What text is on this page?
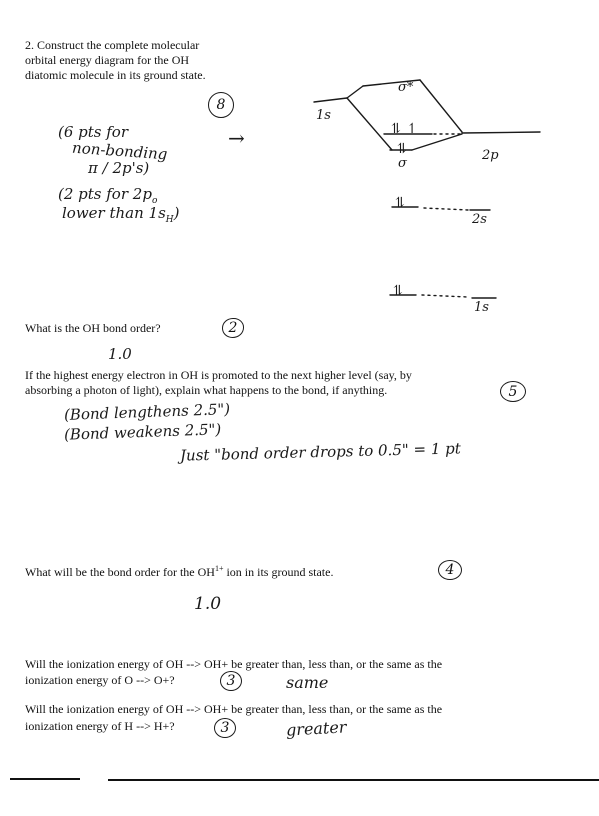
2. Construct the complete molecular

orbital energy diagram for the OH

diatomic molecule in its ground state.

8
(6 pts for
non-bonding
π / 2p's)
(2 pts for $2p_o$
lower than $1s_H$)
→
1s
σ*
⥮ ↿
⥮
σ
2p
⥮
2s
⥮
1s

What is the OH bond order?	2
1.0

If the highest energy electron in OH is promoted to the next higher level (say, by

absorbing a photon of light), explain what happens to the bond, if anything.	5
(Bond lengthens 2.5")
(Bond weakens 2.5")
Just "bond order drops to 0.5" = 1 pt

What will be the bond order for the $OH^{1+}$ ion in its ground state.	4
1.0

Will the ionization energy of OH --> OH+ be greater than, less than, or the same as the

ionization energy of O --> O+?	3	same

Will the ionization energy of OH --> OH+ be greater than, less than, or the same as the

ionization energy of H --> H+?	3	greater
